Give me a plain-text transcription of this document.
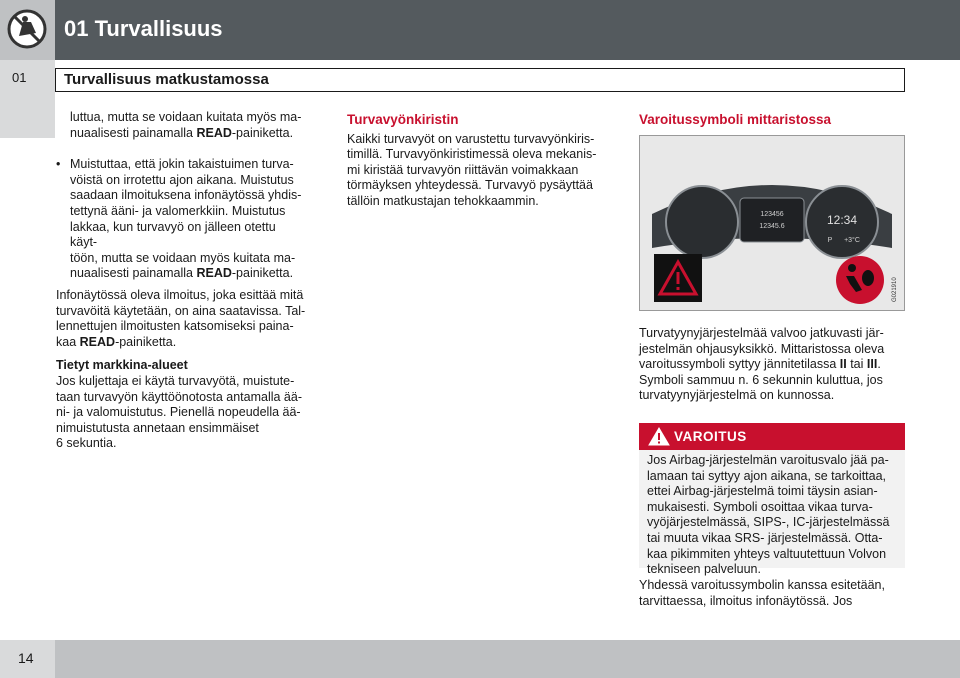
01 Turvallisuus
01	Turvallisuus matkustamossa
luttua, mutta se voidaan kuitata myös ma-
nuaalisesti painamalla READ-painiketta.
• Muistuttaa, että jokin takaistuimen turva-
vöistä on irrotettu ajon aikana. Muistutus
saadaan ilmoituksena infonäytössä yhdis-
tettynä ääni- ja valomerkkiin. Muistutus
lakkaa, kun turvavyö on jälleen otettu käyt-
töön, mutta se voidaan myös kuitata ma-
nuaalisesti painamalla READ-painiketta.
Infonäytössä oleva ilmoitus, joka esittää mitä
turvavöitä käytetään, on aina saatavissa. Tal-
lennettujen ilmoitusten katsomiseksi paina-
kaa READ-painiketta.
Tietyt markkina-alueet
Jos kuljettaja ei käytä turvavyötä, muistute-
taan turvavyön käyttöönotosta antamalla ää-
ni- ja valomuistutus. Pienellä nopeudella ää-
nimuistutusta annetaan ensimmäiset
6 sekuntia.
Turvavyönkiristin
Kaikki turvavyöt on varustettu turvavyönkiris-
timillä. Turvavyönkiristimessä oleva mekanis-
mi kiristää turvavyön riittävän voimakkaan
törmäyksen yhteydessä. Turvavyö pysäyttää
tällöin matkustajan tehokkaammin.
Varoitussymboli mittaristossa
123456
12345.6	12:34
P +3°C
G021910
Turvatyynyjärjestelmää valvoo jatkuvasti jär-
jestelmän ohjausyksikkö. Mittaristossa oleva
varoitussymboli syttyy jännitetilassa II tai III.
Symboli sammuu n. 6 sekunnin kuluttua, jos
turvatyynyjärjestelmä on kunnossa.
VAROITUS
Jos Airbag-järjestelmän varoitusvalo jää pa-
lamaan tai syttyy ajon aikana, se tarkoittaa,
ettei Airbag-järjestelmä toimi täysin asian-
mukaisesti. Symboli osoittaa vikaa turva-
vyöjärjestelmässä, SIPS-, IC-järjestelmässä
tai muuta vikaa SRS- järjestelmässä. Otta-
kaa pikimmiten yhteys valtuutettuun Volvon
tekniseen palveluun.
Yhdessä varoitussymbolin kanssa esitetään,
tarvittaessa, ilmoitus infonäytössä. Jos
14
